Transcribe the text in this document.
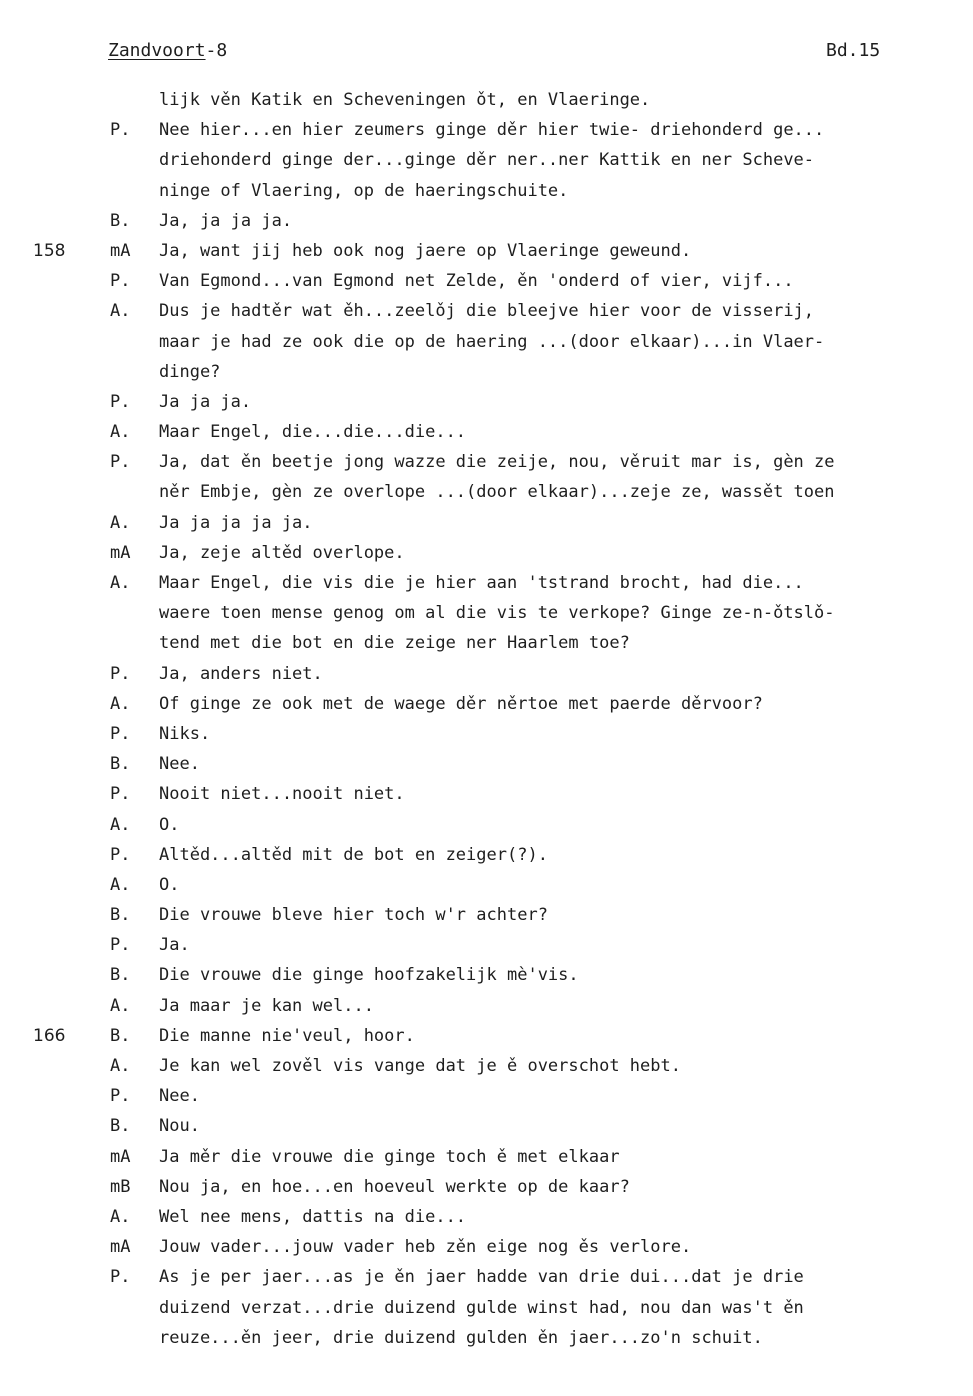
Zandvoort-8	Bd.15
lijk věn Katik en Scheveningen ǒt, en Vlaeringe.
P. Nee hier...en hier zeumers ginge děr hier twie- driehonderd ge...
driehonderd ginge der...ginge děr ner..ner Kattik en ner Scheve-
ninge of Vlaering, op de haeringschuite.
B. Ja, ja ja ja.
158	mA Ja, want jij heb ook nog jaere op Vlaeringe geweund.
P. Van Egmond...van Egmond net Zelde, ěn 'onderd of vier, vijf...
A. Dus je hadtěr wat ěh...zeelǒj die bleejve hier voor de visserij,
maar je had ze ook die op de haering ...(door elkaar)...in Vlaer-
dinge?
P. Ja ja ja.
A. Maar Engel, die...die...die...
P. Ja, dat ěn beetje jong wazze die zeije, nou, věruit mar is, gèn ze
něr Embje, gèn ze overlope ...(door elkaar)...zeje ze, wassět toen
A. Ja ja ja ja ja.
mA Ja, zeje altěd overlope.
A. Maar Engel, die vis die je hier aan 'tstrand brocht, had die...
waere toen mense genog om al die vis te verkope? Ginge ze-n-ǒtslǒ-
tend met die bot en die zeige ner Haarlem toe?
P. Ja, anders niet.
A. Of ginge ze ook met de waege děr něrtoe met paerde děrvoor?
P. Niks.
B. Nee.
P. Nooit niet...nooit niet.
A. O.
P. Altěd...altěd mit de bot en zeiger(?).
A. O.
B. Die vrouwe bleve hier toch w'r achter?
P. Ja.
B. Die vrouwe die ginge hoofzakelijk mè'vis.
A. Ja maar je kan wel...
166	B. Die manne nie'veul, hoor.
A. Je kan wel zověl vis vange dat je ě overschot hebt.
P. Nee.
B. Nou.
mA Ja měr die vrouwe die ginge toch ě met elkaar
mB Nou ja, en hoe...en hoeveul werkte op de kaar?
A. Wel nee mens, dattis na die...
mA Jouw vader...jouw vader heb zěn eige nog ěs verlore.
P. As je per jaer...as je ěn jaer hadde van drie dui...dat je drie
duizend verzat...drie duizend gulde winst had, nou dan was't ěn
reuze...ěn jeer, drie duizend gulden ěn jaer...zo'n schuit.
